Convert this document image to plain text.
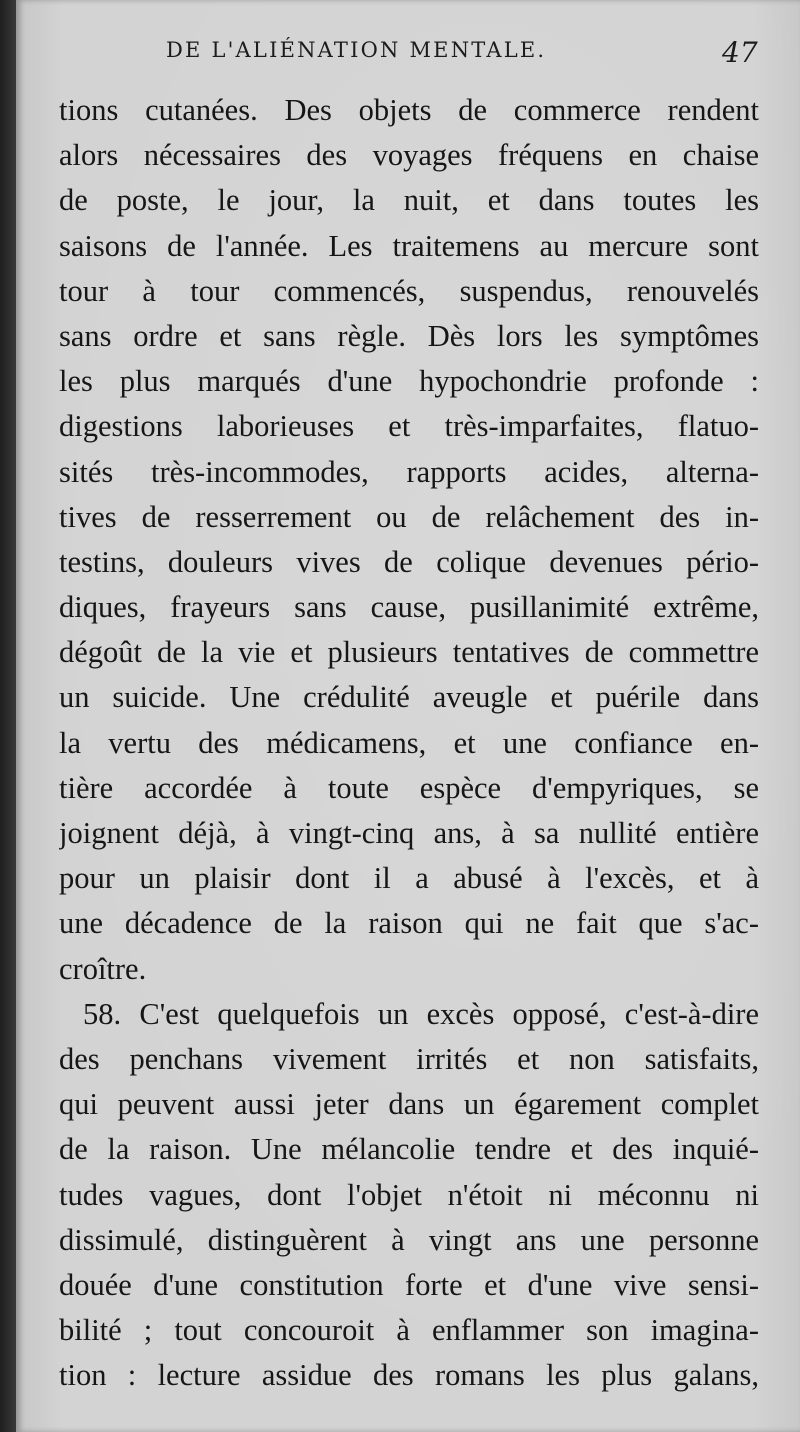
DE L'ALIÉNATION MENTALE.	47
tions cutanées. Des objets de commerce rendent
alors nécessaires des voyages fréquens en chaise
de poste, le jour, la nuit, et dans toutes les
saisons de l'année. Les traitemens au mercure sont
tour à tour commencés, suspendus, renouvelés
sans ordre et sans règle. Dès lors les symptômes
les plus marqués d'une hypochondrie profonde :
digestions laborieuses et très-imparfaites, flatuo-
sités très-incommodes, rapports acides, alterna-
tives de resserrement ou de relâchement des in-
testins, douleurs vives de colique devenues pério-
diques, frayeurs sans cause, pusillanimité extrême,
dégoût de la vie et plusieurs tentatives de commettre
un suicide. Une crédulité aveugle et puérile dans
la vertu des médicamens, et une confiance en-
tière accordée à toute espèce d'empyriques, se
joignent déjà, à vingt-cinq ans, à sa nullité entière
pour un plaisir dont il a abusé à l'excès, et à
une décadence de la raison qui ne fait que s'ac-
croître.
58. C'est quelquefois un excès opposé, c'est-à-dire
des penchans vivement irrités et non satisfaits,
qui peuvent aussi jeter dans un égarement complet
de la raison. Une mélancolie tendre et des inquié-
tudes vagues, dont l'objet n'étoit ni méconnu ni
dissimulé, distinguèrent à vingt ans une personne
douée d'une constitution forte et d'une vive sensi-
bilité ; tout concouroit à enflammer son imagina-
tion : lecture assidue des romans les plus galans,
